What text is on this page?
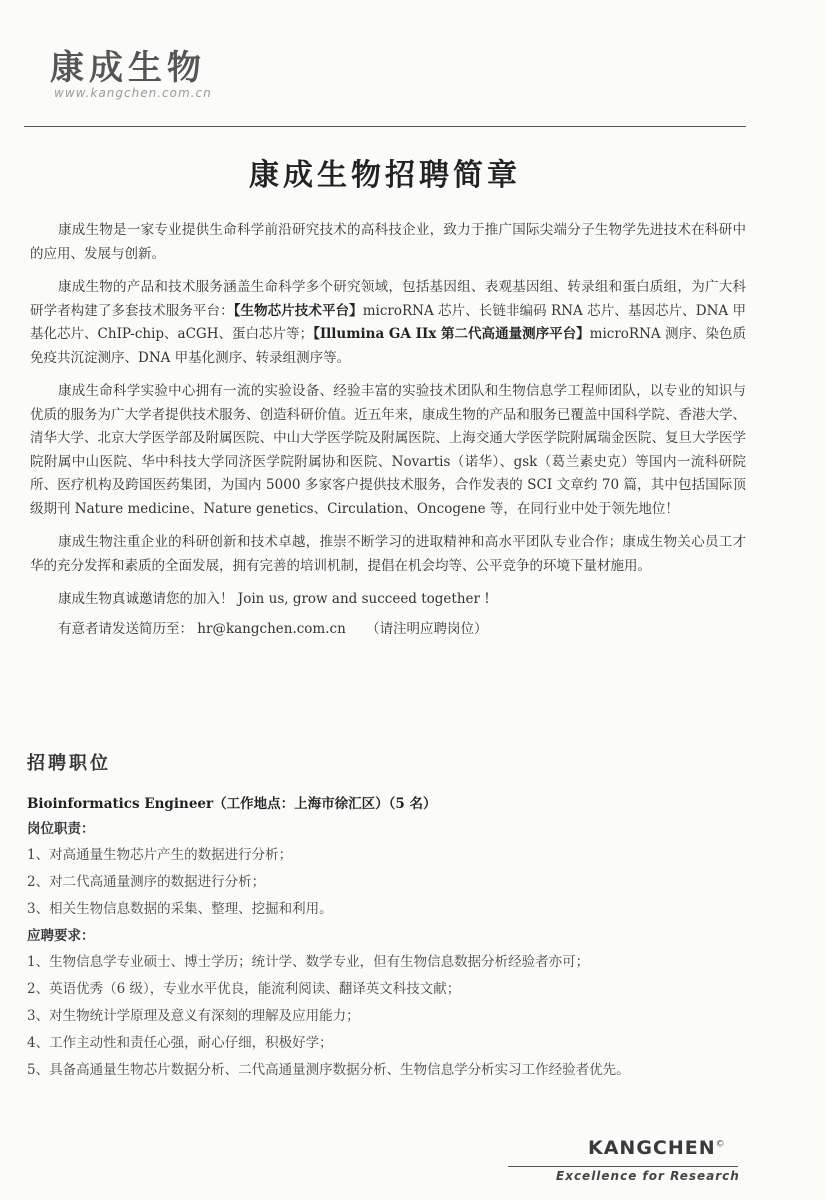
康成生物
www.kangchen.com.cn
康成生物招聘简章

康成生物是一家专业提供生命科学前沿研究技术的高科技企业，致力于推广国际尖端分子生物学先进技术在科研中的应用、发展与创新。

康成生物的产品和技术服务涵盖生命科学多个研究领域，包括基因组、表观基因组、转录组和蛋白质组，为广大科研学者构建了多套技术服务平台：【生物芯片技术平台】microRNA 芯片、长链非编码 RNA 芯片、基因芯片、DNA 甲基化芯片、ChIP-chip、aCGH、蛋白芯片等；【Illumina GA IIx 第二代高通量测序平台】microRNA 测序、染色质免疫共沉淀测序、DNA 甲基化测序、转录组测序等。

康成生命科学实验中心拥有一流的实验设备、经验丰富的实验技术团队和生物信息学工程师团队，以专业的知识与优质的服务为广大学者提供技术服务、创造科研价值。近五年来，康成生物的产品和服务已覆盖中国科学院、香港大学、清华大学、北京大学医学部及附属医院、中山大学医学院及附属医院、上海交通大学医学院附属瑞金医院、复旦大学医学院附属中山医院、华中科技大学同济医学院附属协和医院、Novartis（诺华）、gsk（葛兰素史克）等国内一流科研院所、医疗机构及跨国医药集团，为国内 5000 多家客户提供技术服务，合作发表的 SCI 文章约 70 篇，其中包括国际顶级期刊 Nature medicine、Nature genetics、Circulation、Oncogene 等，在同行业中处于领先地位！

康成生物注重企业的科研创新和技术卓越，推崇不断学习的进取精神和高水平团队专业合作；康成生物关心员工才华的充分发挥和素质的全面发展，拥有完善的培训机制，提倡在机会均等、公平竞争的环境下量材施用。

康成生物真诚邀请您的加入！ Join us, grow and succeed together !

有意者请发送简历至： hr@kangchen.com.cn　　（请注明应聘岗位）

招聘职位
Bioinformatics Engineer（工作地点：上海市徐汇区）（5 名）
岗位职责：
1、对高通量生物芯片产生的数据进行分析；
2、对二代高通量测序的数据进行分析；
3、相关生物信息数据的采集、整理、挖掘和利用。
应聘要求：
1、生物信息学专业硕士、博士学历；统计学、数学专业，但有生物信息数据分析经验者亦可；
2、英语优秀（6 级），专业水平优良，能流利阅读、翻译英文科技文献；
3、对生物统计学原理及意义有深刻的理解及应用能力；
4、工作主动性和责任心强，耐心仔细，积极好学；
5、具备高通量生物芯片数据分析、二代高通量测序数据分析、生物信息学分析实习工作经验者优先。
KANGCHEN©
Excellence for Research
